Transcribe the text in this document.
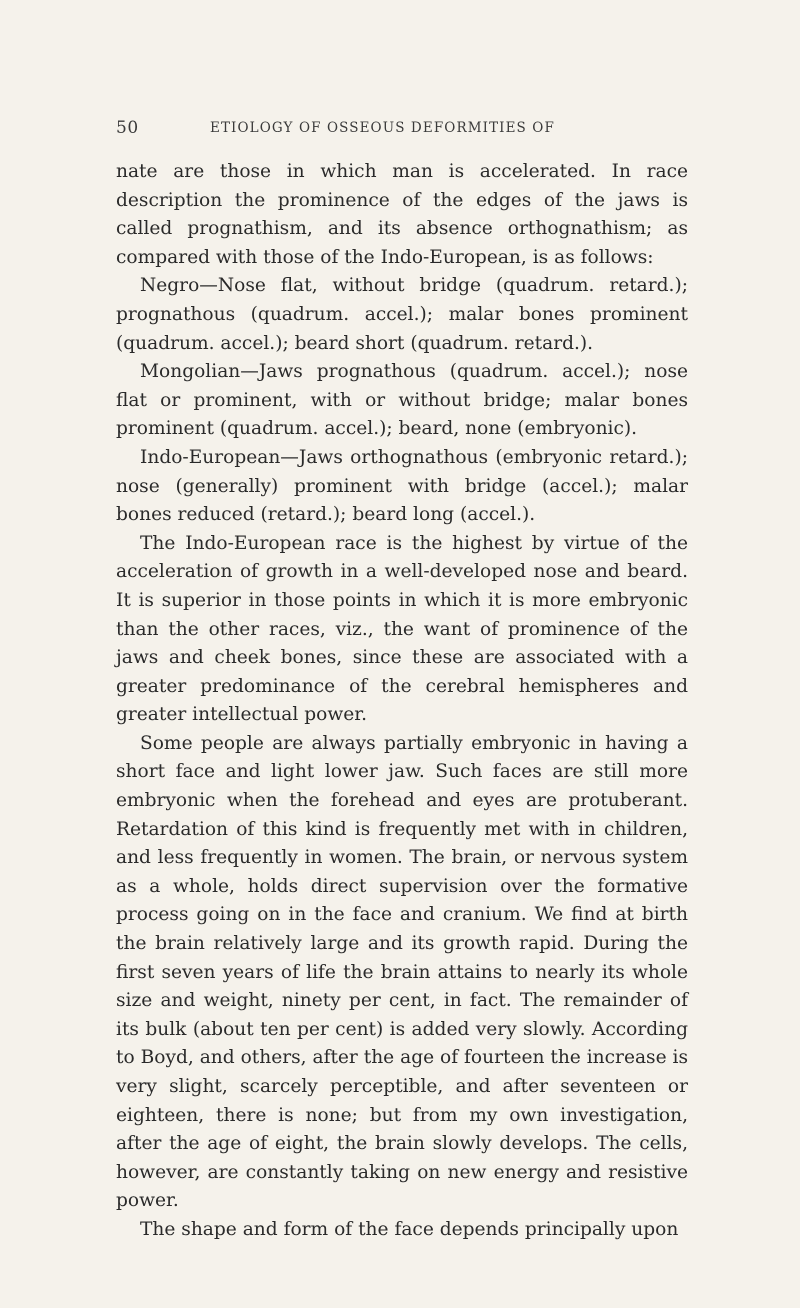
50	ETIOLOGY OF OSSEOUS DEFORMITIES OF

nate are those in which man is accelerated. In race description the prominence of the edges of the jaws is called prognathism, and its absence orthognathism; as compared with those of the Indo-European, is as follows:

Negro—Nose flat, without bridge (quadrum. retard.); prognathous (quadrum. accel.); malar bones prominent (quadrum. accel.); beard short (quadrum. retard.).

Mongolian—Jaws prognathous (quadrum. accel.); nose flat or prominent, with or without bridge; malar bones prominent (quadrum. accel.); beard, none (embryonic).

Indo-European—Jaws orthognathous (embryonic retard.); nose (generally) prominent with bridge (accel.); malar bones reduced (retard.); beard long (accel.).

The Indo-European race is the highest by virtue of the acceleration of growth in a well-developed nose and beard. It is superior in those points in which it is more embryonic than the other races, viz., the want of prominence of the jaws and cheek bones, since these are associated with a greater predominance of the cerebral hemispheres and greater intellectual power.

Some people are always partially embryonic in having a short face and light lower jaw. Such faces are still more embryonic when the forehead and eyes are protuberant. Retardation of this kind is frequently met with in children, and less frequently in women. The brain, or nervous system as a whole, holds direct supervision over the formative process going on in the face and cranium. We find at birth the brain relatively large and its growth rapid. During the first seven years of life the brain attains to nearly its whole size and weight, ninety per cent, in fact. The remainder of its bulk (about ten per cent) is added very slowly. According to Boyd, and others, after the age of fourteen the increase is very slight, scarcely perceptible, and after seventeen or eighteen, there is none; but from my own investigation, after the age of eight, the brain slowly develops. The cells, however, are constantly taking on new energy and resistive power.

The shape and form of the face depends principally upon
